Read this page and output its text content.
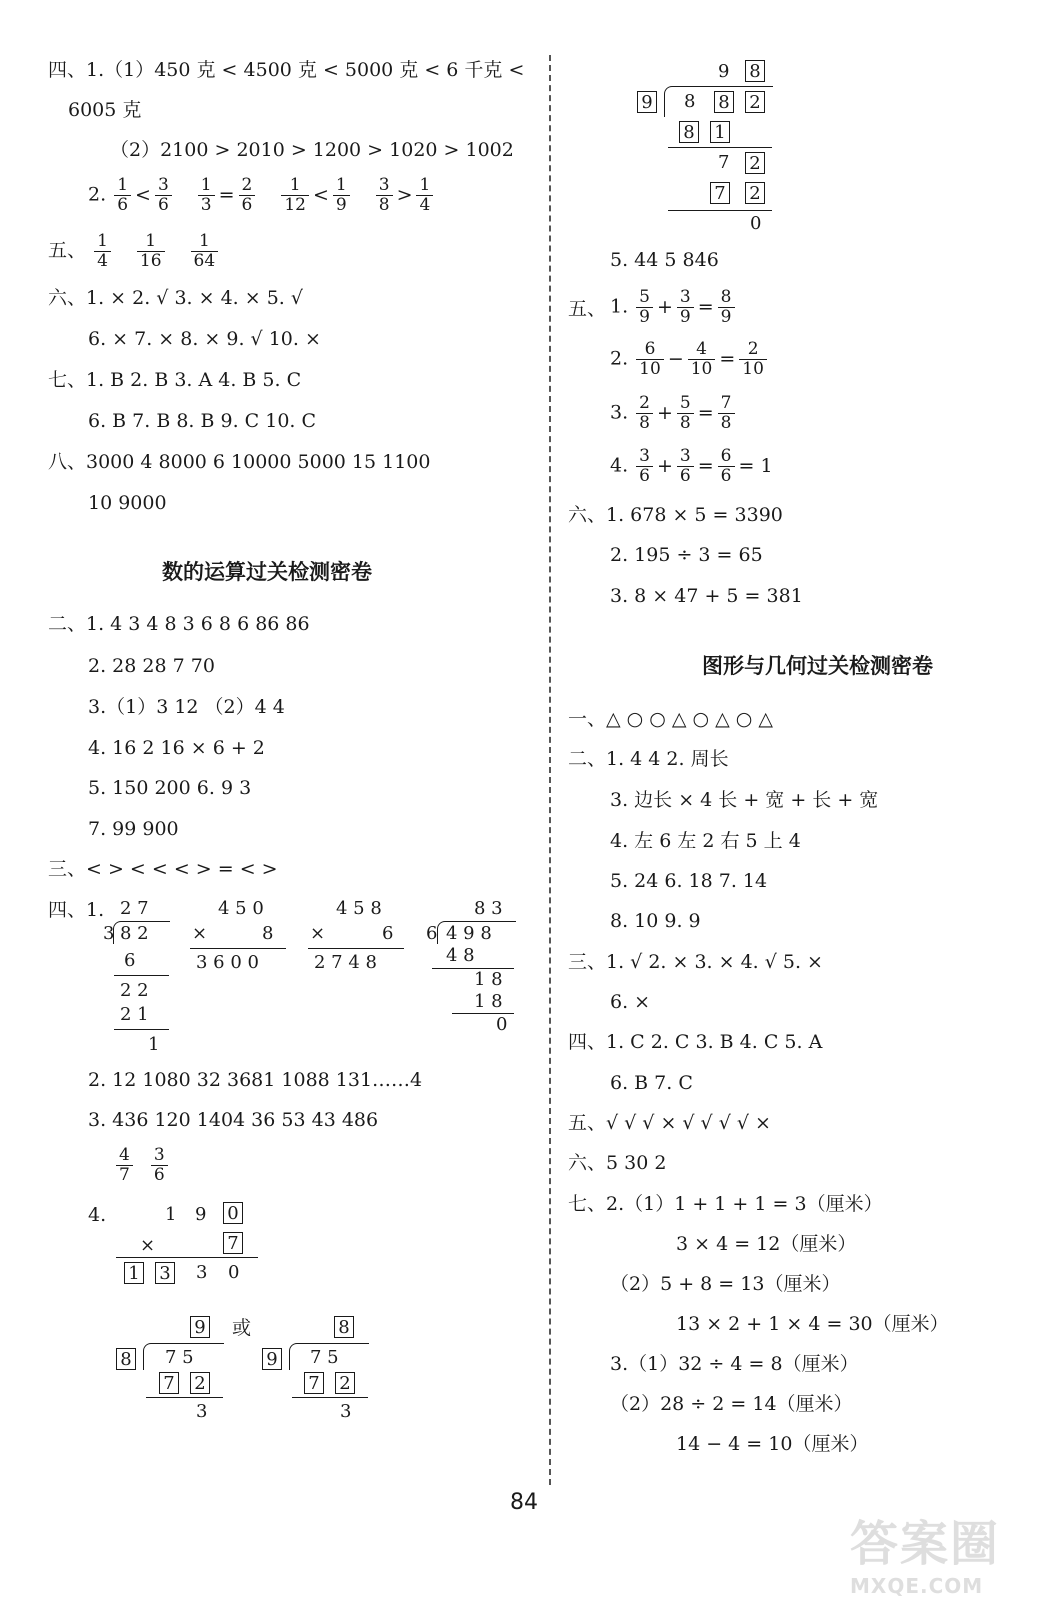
四、1.（1）450 克 < 4500 克 < 5000 克 < 6 千克 <
6005 克
（2）2100 > 2010 > 1200 > 1020 > 1002
2. $\frac{1}{6} < \frac{3}{6} \frac{1}{3} = \frac{2}{6} \frac{1}{12} < \frac{1}{9} \frac{3}{8} > \frac{1}{4}$
五、 $\frac{1}{4} \frac{1}{16} \frac{1}{64}$
六、1. × 2. √ 3. × 4. × 5. √
6. × 7. × 8. × 9. √ 10. ×
七、1. B 2. B 3. A 4. B 5. C
6. B 7. B 8. B 9. C 10. C
八、3000 4 8000 6 10000 5000 15 1100
10 9000
数的运算过关检测密卷
二、1. 4 3 4 8 3 6 8 6 86 86
2. 28 28 7 70
3.（1）3 12 （2）4 4
4. 16 2 16 × 6 + 2
5. 150 200 6. 9 3
7. 99 900
三、< > < < < > = < >
四、1. 2 7
3 8 2
6
2 2
2 1
1
4 5 0
×	8
3 6 0 0
4 5 8
×	6
2 7 4 8
8 3
6 4 9 8
4 8
1 8
1 8
0
2. 12 1080 32 3681 1088 131……4
3. 436 120 1404 36 53 43 486
$\frac{4}{7} \frac{3}{6}$
4.	1 9 0
×	7
1 3 3 0
9
8 7 5
7 2
3
或	8
9 7 5
7 2
3
9 8
9 8 8 2
8 1
7 2
7 2
0
5. 44 5 846
五、 1. $\frac{5}{9} + \frac{3}{9} = \frac{8}{9}$
2. $\frac{6}{10} - \frac{4}{10} = \frac{2}{10}$
3. $\frac{2}{8} + \frac{5}{8} = \frac{7}{8}$
4. $\frac{3}{6} + \frac{3}{6} = \frac{6}{6} = 1$
六、1. 678 × 5 = 3390
2. 195 ÷ 3 = 65
3. 8 × 47 + 5 = 381
图形与几何过关检测密卷
一、△ ○ ○ △ ○ △ ○ △
二、1. 4 4 2. 周长
3. 边长 × 4 长 + 宽 + 长 + 宽
4. 左 6 左 2 右 5 上 4
5. 24 6. 18 7. 14
8. 10 9. 9
三、1. √ 2. × 3. × 4. √ 5. ×
6. ×
四、1. C 2. C 3. B 4. C 5. A
6. B 7. C
五、√ √ √ × √ √ √ √ ×
六、5 30 2
七、2.（1）1 + 1 + 1 = 3（厘米）
3 × 4 = 12（厘米）
（2）5 + 8 = 13（厘米）
13 × 2 + 1 × 4 = 30（厘米）
3.（1）32 ÷ 4 = 8（厘米）
（2）28 ÷ 2 = 14（厘米）
14 − 4 = 10（厘米）
84
答案圈
MXQE.COM
